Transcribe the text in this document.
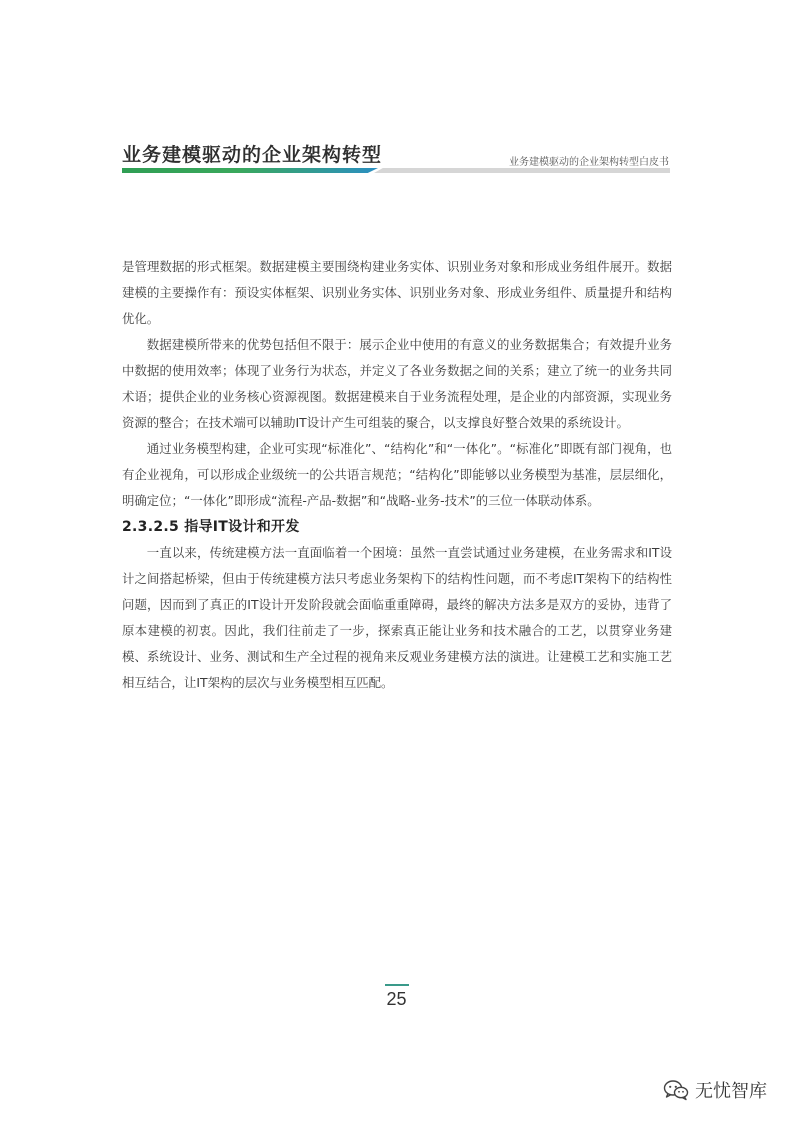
业务建模驱动的企业架构转型	业务建模驱动的企业架构转型白皮书

是管理数据的形式框架。数据建模主要围绕构建业务实体、识别业务对象和形成业务组件展开。数据建模的主要操作有：预设实体框架、识别业务实体、识别业务对象、形成业务组件、质量提升和结构优化。

数据建模所带来的优势包括但不限于：展示企业中使用的有意义的业务数据集合；有效提升业务中数据的使用效率；体现了业务行为状态，并定义了各业务数据之间的关系；建立了统一的业务共同术语；提供企业的业务核心资源视图。数据建模来自于业务流程处理，是企业的内部资源，实现业务资源的整合；在技术端可以辅助IT设计产生可组装的聚合，以支撑良好整合效果的系统设计。

通过业务模型构建，企业可实现“标准化”、“结构化”和“一体化”。“标准化”即既有部门视角，也有企业视角，可以形成企业级统一的公共语言规范；“结构化”即能够以业务模型为基准，层层细化，明确定位；“一体化”即形成“流程-产品-数据”和“战略-业务-技术”的三位一体联动体系。

2.3.2.5 指导IT设计和开发

一直以来，传统建模方法一直面临着一个困境：虽然一直尝试通过业务建模，在业务需求和IT设计之间搭起桥梁，但由于传统建模方法只考虑业务架构下的结构性问题，而不考虑IT架构下的结构性问题，因而到了真正的IT设计开发阶段就会面临重重障碍，最终的解决方法多是双方的妥协，违背了原本建模的初衷。因此，我们往前走了一步，探索真正能让业务和技术融合的工艺，以贯穿业务建模、系统设计、业务、测试和生产全过程的视角来反观业务建模方法的演进。让建模工艺和实施工艺相互结合，让IT架构的层次与业务模型相互匹配。

25
无忧智库
